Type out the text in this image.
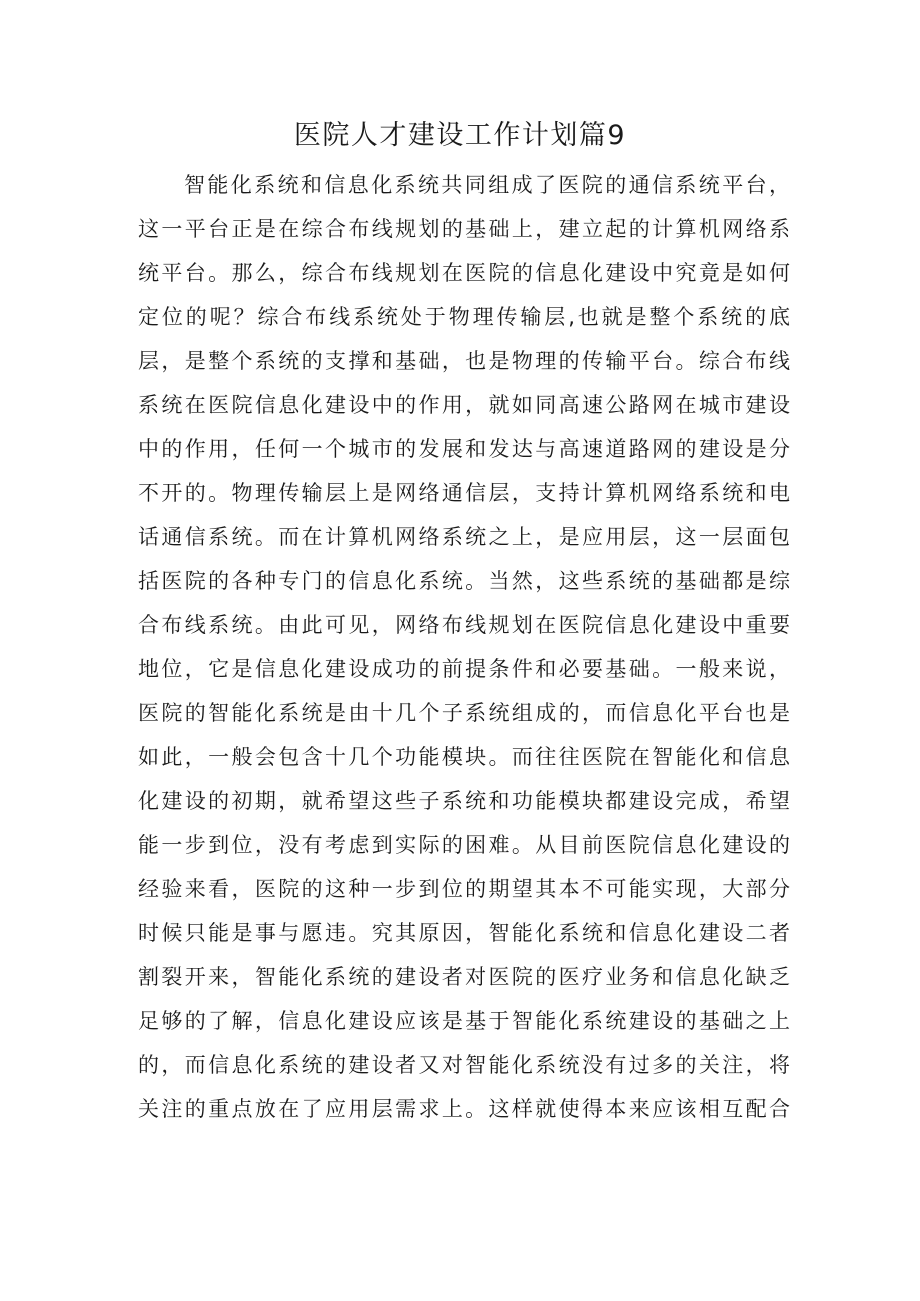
医院人才建设工作计划篇9
智能化系统和信息化系统共同组成了医院的通信系统平台，
这一平台正是在综合布线规划的基础上，建立起的计算机网络系
统平台。那么，综合布线规划在医院的信息化建设中究竟是如何
定位的呢？综合布线系统处于物理传输层,也就是整个系统的底
层，是整个系统的支撑和基础，也是物理的传输平台。综合布线
系统在医院信息化建设中的作用，就如同高速公路网在城市建设
中的作用，任何一个城市的发展和发达与高速道路网的建设是分
不开的。物理传输层上是网络通信层，支持计算机网络系统和电
话通信系统。而在计算机网络系统之上，是应用层，这一层面包
括医院的各种专门的信息化系统。当然，这些系统的基础都是综
合布线系统。由此可见，网络布线规划在医院信息化建设中重要
地位，它是信息化建设成功的前提条件和必要基础。一般来说，
医院的智能化系统是由十几个子系统组成的，而信息化平台也是
如此，一般会包含十几个功能模块。而往往医院在智能化和信息
化建设的初期，就希望这些子系统和功能模块都建设完成，希望
能一步到位，没有考虑到实际的困难。从目前医院信息化建设的
经验来看，医院的这种一步到位的期望其本不可能实现，大部分
时候只能是事与愿违。究其原因，智能化系统和信息化建设二者
割裂开来，智能化系统的建设者对医院的医疗业务和信息化缺乏
足够的了解，信息化建设应该是基于智能化系统建设的基础之上
的，而信息化系统的建设者又对智能化系统没有过多的关注，将
关注的重点放在了应用层需求上。这样就使得本来应该相互配合
